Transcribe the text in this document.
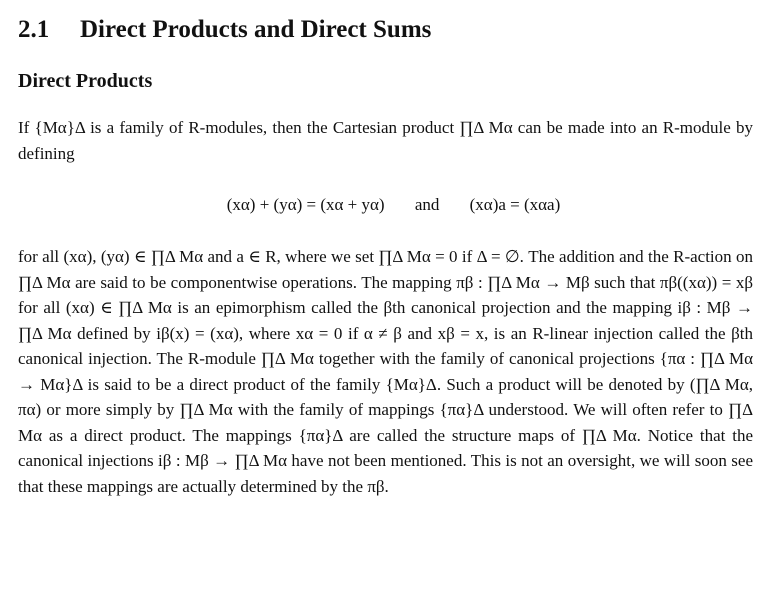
2.1 Direct Products and Direct Sums
Direct Products

If {Mα}Δ is a family of R-modules, then the Cartesian product ∏Δ Mα can be made into an R-module by defining

(xα) + (yα) = (xα + yα) and (xα)a = (xαa)

for all (xα), (yα) ∈ ∏Δ Mα and a ∈ R, where we set ∏Δ Mα = 0 if Δ = ∅. The addition and the R-action on ∏Δ Mα are said to be componentwise operations. The mapping πβ : ∏Δ Mα → Mβ such that πβ((xα)) = xβ for all (xα) ∈ ∏Δ Mα is an epimorphism called the βth canonical projection and the mapping iβ : Mβ → ∏Δ Mα defined by iβ(x) = (xα), where xα = 0 if α ≠ β and xβ = x, is an R-linear injection called the βth canonical injection. The R-module ∏Δ Mα together with the family of canonical projections {πα : ∏Δ Mα → Mα}Δ is said to be a direct product of the family {Mα}Δ. Such a product will be denoted by (∏Δ Mα, πα) or more simply by ∏Δ Mα with the family of mappings {πα}Δ understood. We will often refer to ∏Δ Mα as a direct product. The mappings {πα}Δ are called the structure maps of ∏Δ Mα. Notice that the canonical injections iβ : Mβ → ∏Δ Mα have not been mentioned. This is not an oversight, we will soon see that these mappings are actually determined by the πβ.
